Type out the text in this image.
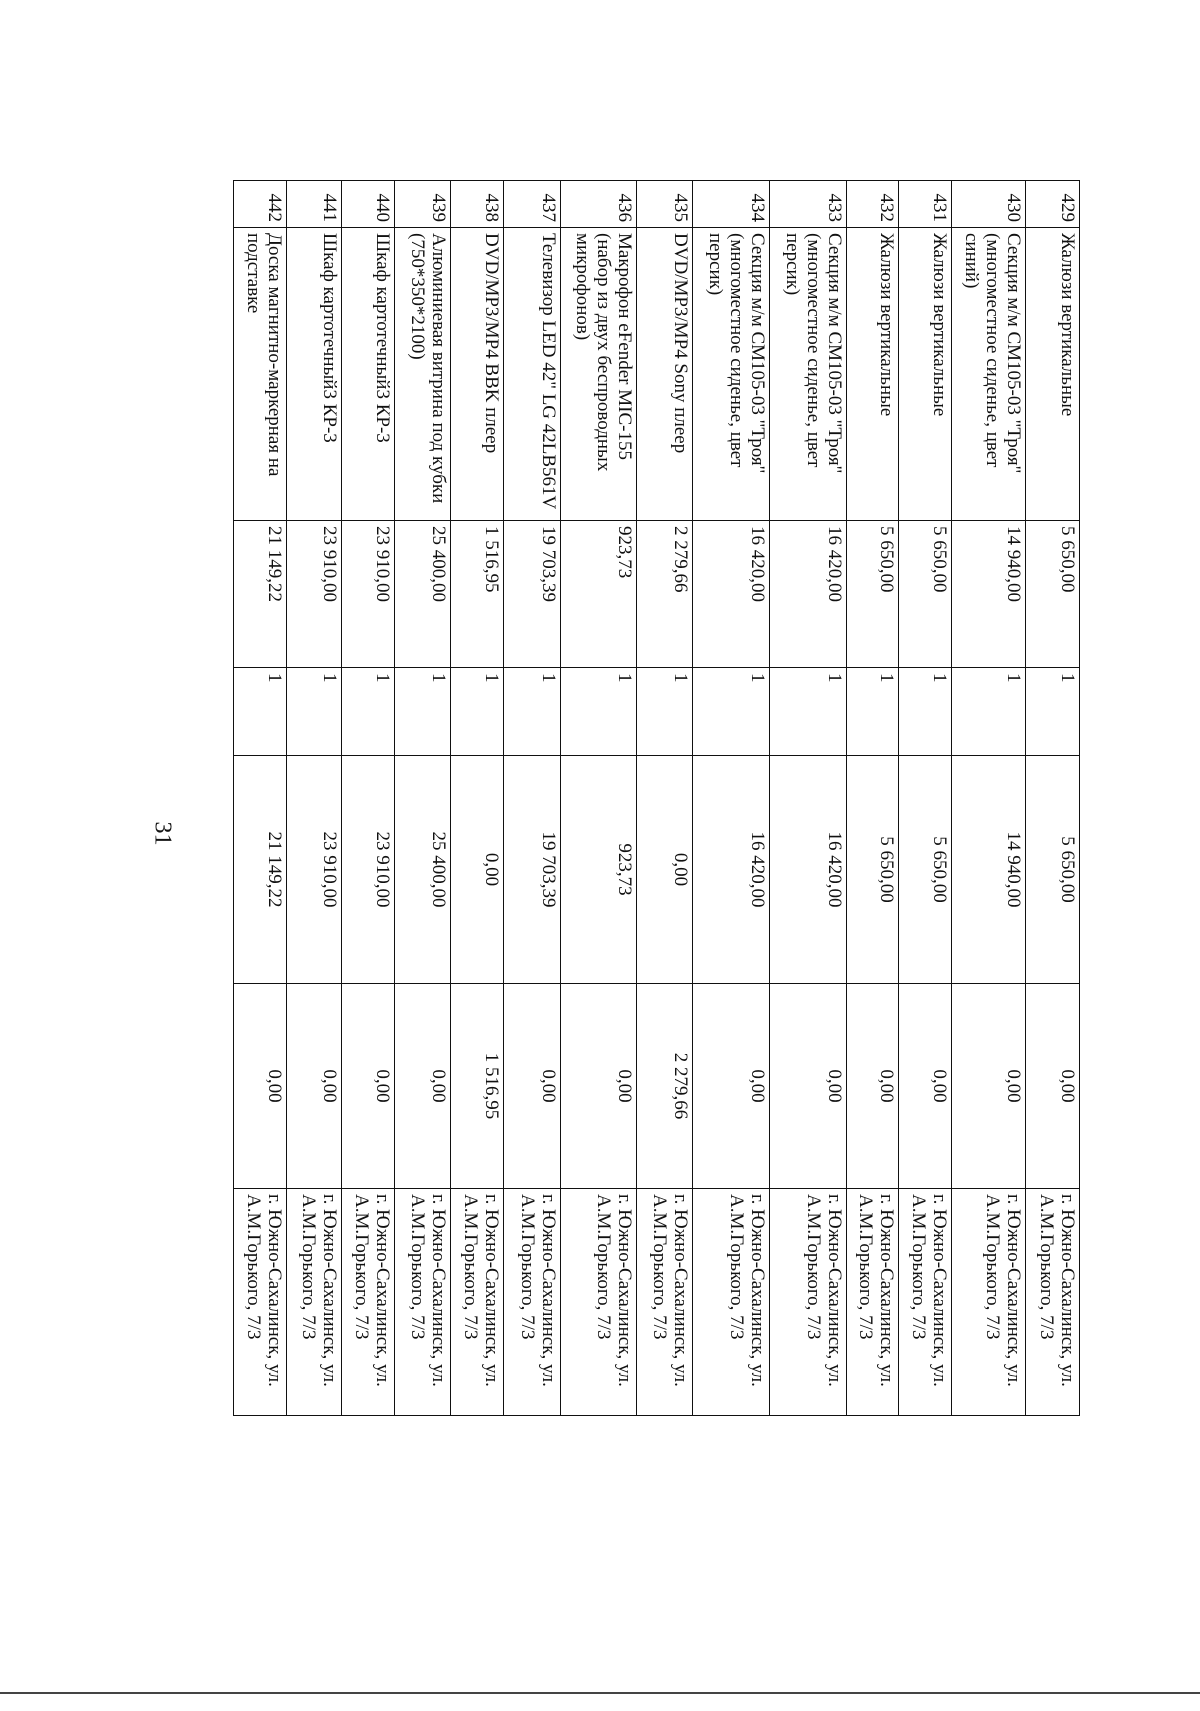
31
429	Жалюзи вертикальные	5 650,00	1	5 650,00	0,00	г. Южно-Сахалинск, ул. А.М.Горького, 7/3
430	Секция м/м СМ105-03 "Троя" (многоместное сиденье, цвет синий)	14 940,00	1	14 940,00	0,00	г. Южно-Сахалинск, ул. А.М.Горького, 7/3
431	Жалюзи вертикальные	5 650,00	1	5 650,00	0,00	г. Южно-Сахалинск, ул. А.М.Горького, 7/3
432	Жалюзи вертикальные	5 650,00	1	5 650,00	0,00	г. Южно-Сахалинск, ул. А.М.Горького, 7/3
433	Секция м/м СМ105-03 "Троя" (многоместное сиденье, цвет персик)	16 420,00	1	16 420,00	0,00	г. Южно-Сахалинск, ул. А.М.Горького, 7/3
434	Секция м/м СМ105-03 "Троя" (многоместное сиденье, цвет персик)	16 420,00	1	16 420,00	0,00	г. Южно-Сахалинск, ул. А.М.Горького, 7/3
435	DVD/MP3/MP4 Sony плеер	2 279,66	1	0,00	2 279,66	г. Южно-Сахалинск, ул. А.М.Горького, 7/3
436	Макрофон eFender MIC-155 (набор из двух беспроводных микрофонов)	923,73	1	923,73	0,00	г. Южно-Сахалинск, ул. А.М.Горького, 7/3
437	Телевизор LED 42" LG 42LB561V	19 703,39	1	19 703,39	0,00	г. Южно-Сахалинск, ул. А.М.Горького, 7/3
438	DVD/MP3/MP4 BBK плеер	1 516,95	1	0,00	1 516,95	г. Южно-Сахалинск, ул. А.М.Горького, 7/3
439	Алюминиевая витрина под кубки (750*350*2100)	25 400,00	1	25 400,00	0,00	г. Южно-Сахалинск, ул. А.М.Горького, 7/3
440	Шкаф картотечный3 КР-3	23 910,00	1	23 910,00	0,00	г. Южно-Сахалинск, ул. А.М.Горького, 7/3
441	Шкаф картотечный3 КР-3	23 910,00	1	23 910,00	0,00	г. Южно-Сахалинск, ул. А.М.Горького, 7/3
442	Доска магнитно-маркерная на подставке	21 149,22	1	21 149,22	0,00	г. Южно-Сахалинск, ул. А.М.Горького, 7/3
